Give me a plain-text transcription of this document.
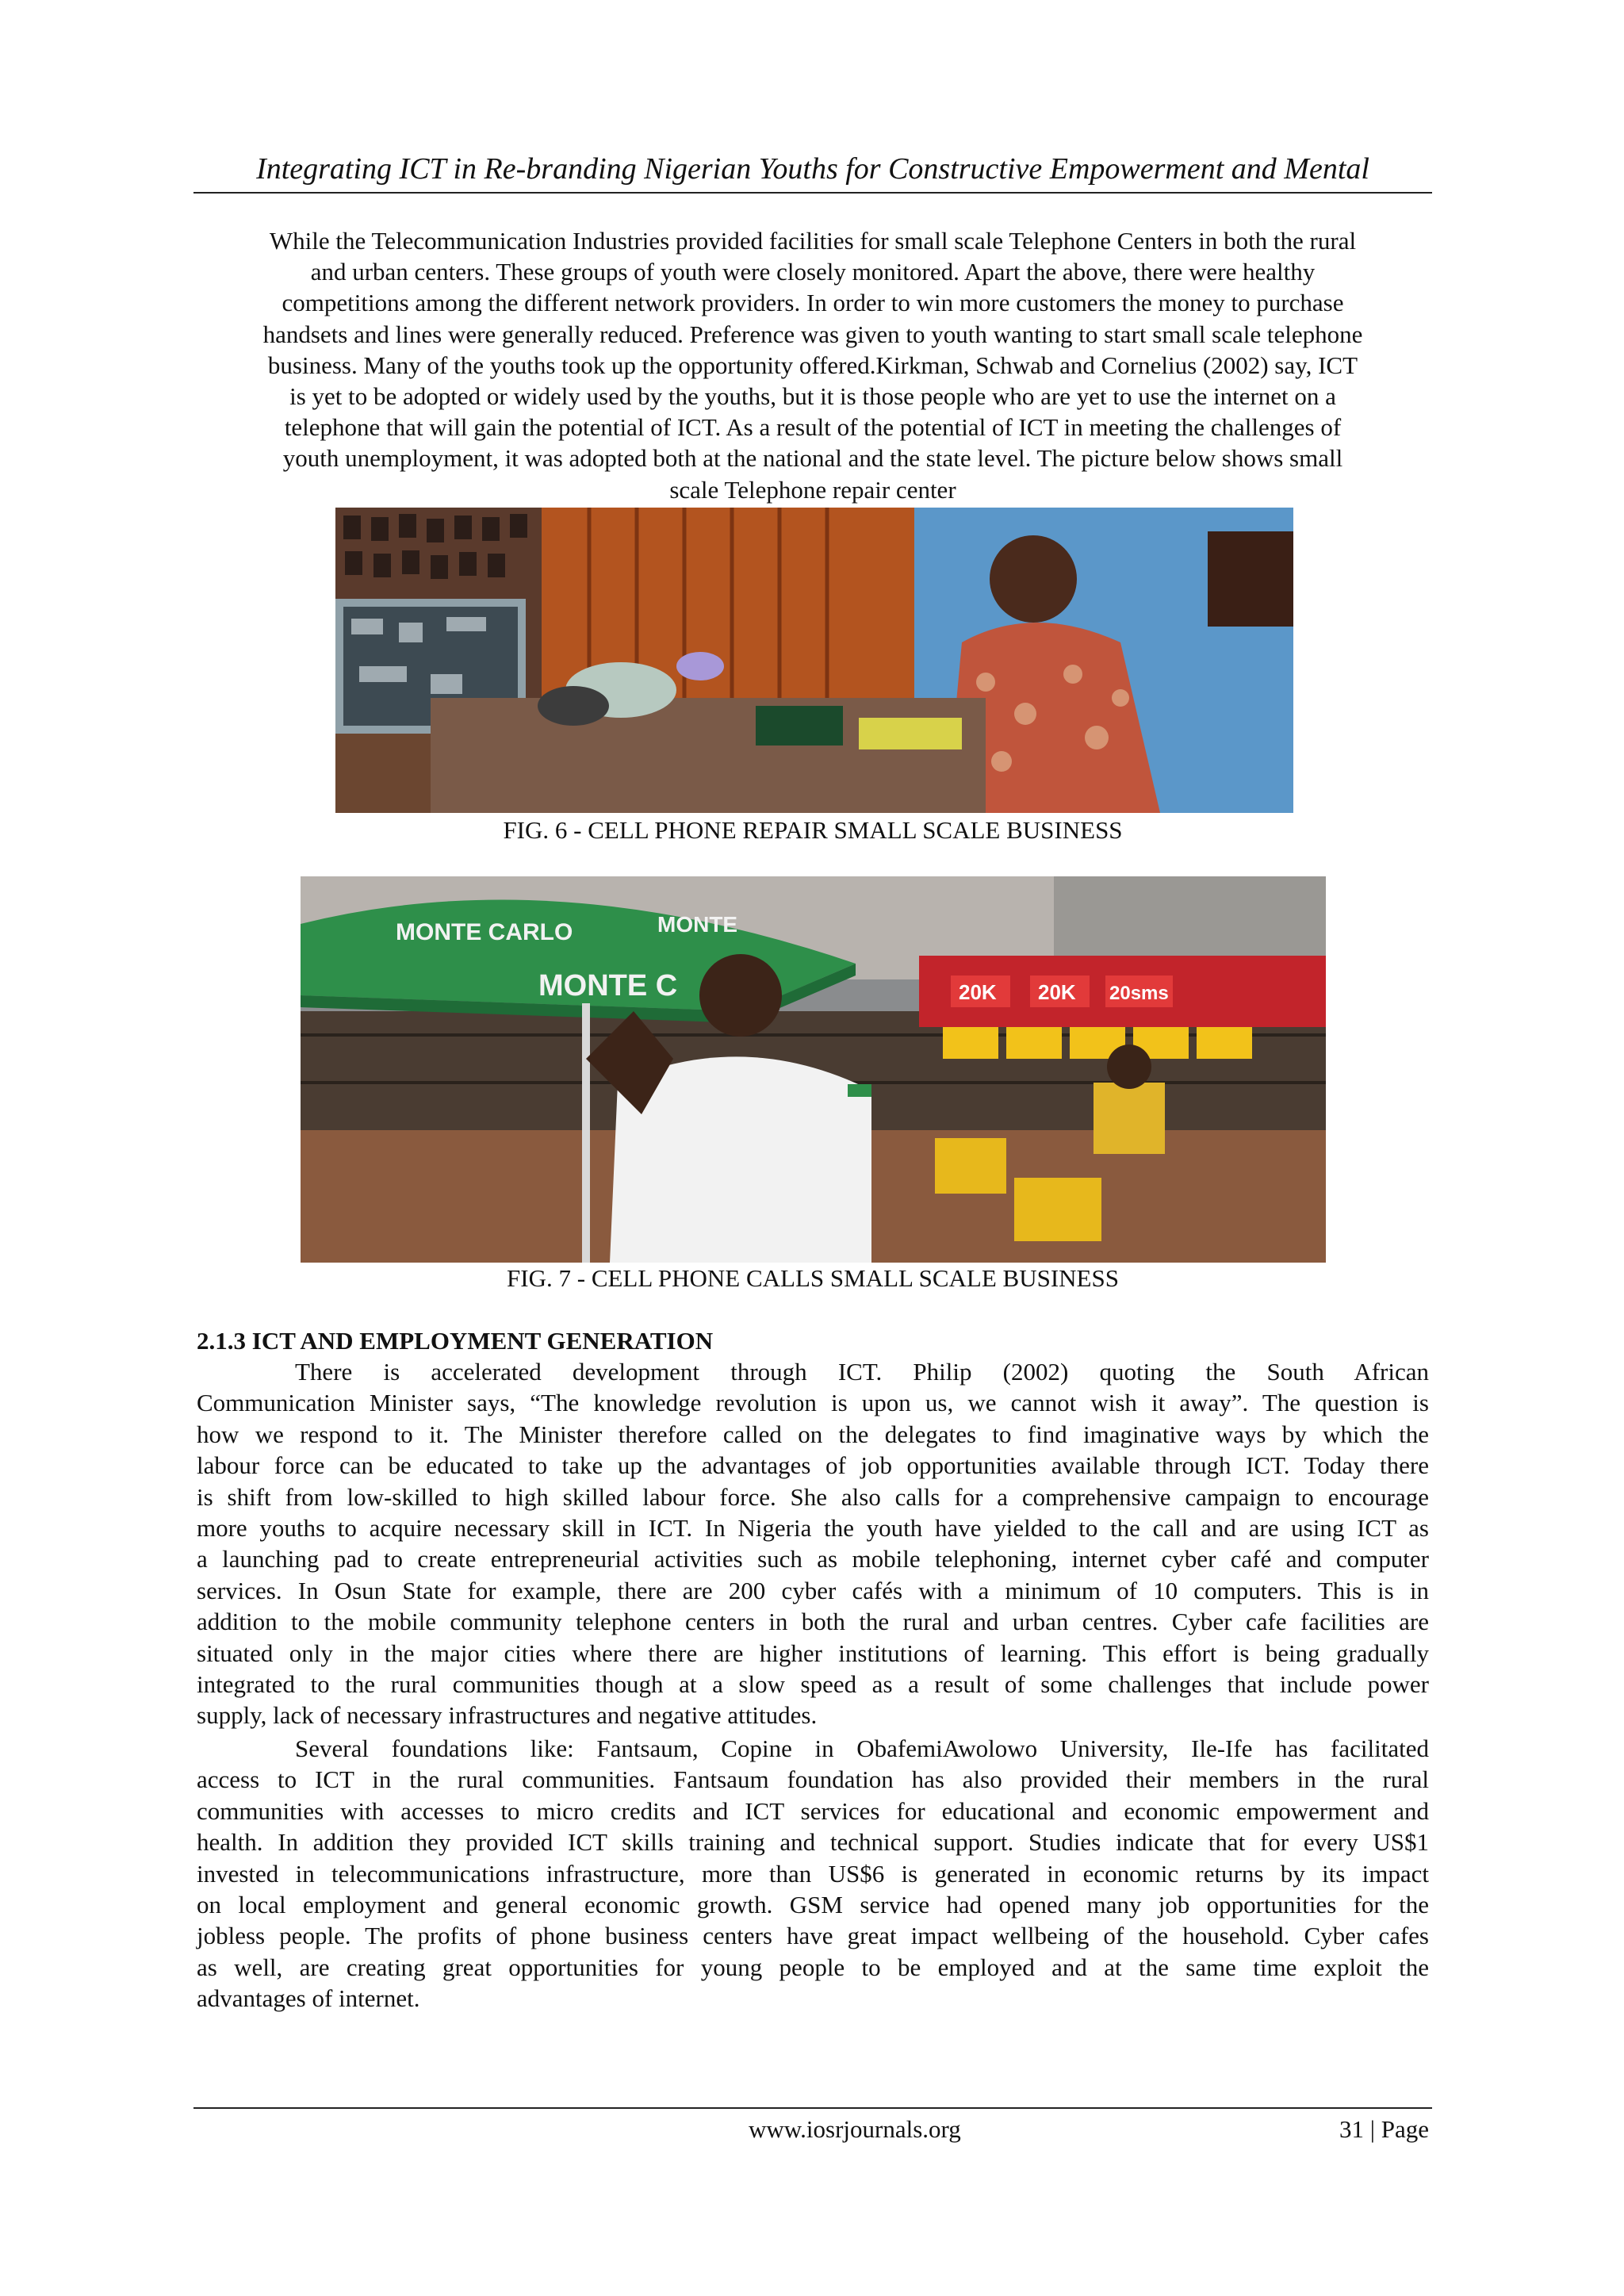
Integrating ICT in Re-branding Nigerian Youths for Constructive Empowerment and Mental

While the Telecommunication Industries provided facilities for small scale Telephone Centers in both the rural
and urban centers. These groups of youth were closely monitored. Apart the above, there were healthy
competitions among the different network providers. In order to win more customers the money to purchase
handsets and lines were generally reduced. Preference was given to youth wanting to start small scale telephone
business. Many of the youths took up the opportunity offered.Kirkman, Schwab and Cornelius (2002) say, ICT
is yet to be adopted or widely used by the youths, but it is those people who are yet to use the internet on a
telephone that will gain the potential of ICT. As a result of the potential of ICT in meeting the challenges of
youth unemployment, it was adopted both at the national and the state level. The picture below shows small
scale Telephone repair center

FIG. 6 - CELL PHONE REPAIR SMALL SCALE BUSINESS

MONTE CARLO
MONTE C
MONTE
20K 20K 20sms

FIG. 7 - CELL PHONE CALLS SMALL SCALE BUSINESS

2.1.3 ICT AND EMPLOYMENT GENERATION

There is accelerated development through ICT. Philip (2002) quoting the South African
Communication Minister says, “The knowledge revolution is upon us, we cannot wish it away”. The question is
how we respond to it. The Minister therefore called on the delegates to find imaginative ways by which the
labour force can be educated to take up the advantages of job opportunities available through ICT. Today there
is shift from low-skilled to high skilled labour force. She also calls for a comprehensive campaign to encourage
more youths to acquire necessary skill in ICT. In Nigeria the youth have yielded to the call and are using ICT as
a launching pad to create entrepreneurial activities such as mobile telephoning, internet cyber café and computer
services. In Osun State for example, there are 200 cyber cafés with a minimum of 10 computers. This is in
addition to the mobile community telephone centers in both the rural and urban centres. Cyber cafe facilities are
situated only in the major cities where there are higher institutions of learning. This effort is being gradually
integrated to the rural communities though at a slow speed as a result of some challenges that include power
supply, lack of necessary infrastructures and negative attitudes.

Several foundations like: Fantsaum, Copine in ObafemiAwolowo University, Ile-Ife has facilitated
access to ICT in the rural communities. Fantsaum foundation has also provided their members in the rural
communities with accesses to micro credits and ICT services for educational and economic empowerment and
health. In addition they provided ICT skills training and technical support. Studies indicate that for every US$1
invested in telecommunications infrastructure, more than US$6 is generated in economic returns by its impact
on local employment and general economic growth. GSM service had opened many job opportunities for the
jobless people. The profits of phone business centers have great impact wellbeing of the household. Cyber cafes
as well, are creating great opportunities for young people to be employed and at the same time exploit the
advantages of internet.

www.iosrjournals.org	31 | Page
